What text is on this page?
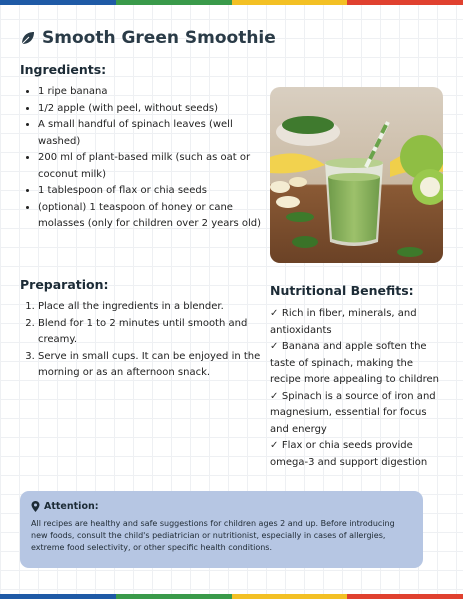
Smooth Green Smoothie
Ingredients:
• 1 ripe banana
• 1/2 apple (with peel, without seeds)
• A small handful of spinach leaves (well washed)
• 200 ml of plant-based milk (such as oat or coconut milk)
• 1 tablespoon of flax or chia seeds
• (optional) 1 teaspoon of honey or cane molasses (only for children over 2 years old)
Preparation:
1. Place all the ingredients in a blender.
2. Blend for 1 to 2 minutes until smooth and creamy.
3. Serve in small cups. It can be enjoyed in the morning or as an afternoon snack.
Nutritional Benefits:

✓ Rich in fiber, minerals, and antioxidants

✓ Banana and apple soften the taste of spinach, making the recipe more appealing to children

✓ Spinach is a source of iron and magnesium, essential for focus and energy

✓ Flax or chia seeds provide omega-3 and support digestion

Attention:
All recipes are healthy and safe suggestions for children ages 2 and up. Before introducing new foods, consult the child's pediatrician or nutritionist, especially in cases of allergies, extreme food selectivity, or other specific health conditions.
